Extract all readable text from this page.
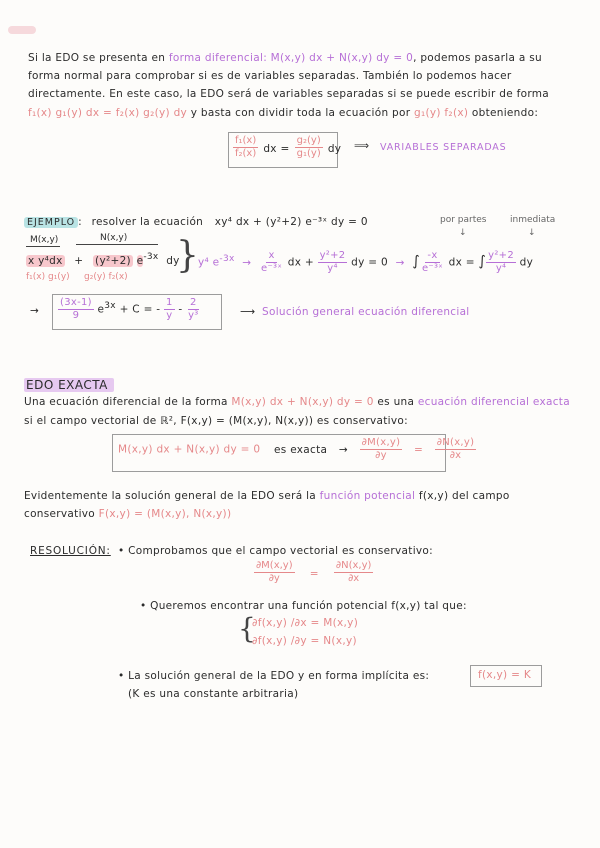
Si la EDO se presenta en forma diferencial: M(x,y) dx + N(x,y) dy = 0, podemos pasarla a su
forma normal para comprobar si es de variables separadas. También lo podemos hacer
directamente. En este caso, la EDO será de variables separadas si se puede escribir de forma
f₁(x) g₁(y) dx = f₂(x) g₂(y) dy y basta con dividir toda la ecuación por g₁(y) f₂(x) obteniendo:
$\frac{\text{f₁(x)}}{\text{f₂(x)}}$ dx = $\frac{\text{g₂(y)}}{\text{g₁(y)}}$ dy ⟹ VARIABLES SEPARADAS
EJEMPLO : resolver la ecuación xy⁴ dx + (y²+2) e⁻³ˣ dy = 0	por partes	inmediata
↓	↓
M(x,y)	N(x,y)
x y⁴dx + (y²+2) $e^{-3x}$ dy
f₁(x) g₁(y) g₂(y) f₂(x)
} y⁴ $e^{-3x} \to \frac{x}{\text{e⁻³ˣ}}$ dx + $\frac{\text{y²+2}}{\text{y⁴}}$ dy = 0 → ∫ $\frac{-x}{\text{e⁻³ˣ}}$ dx = ∫ $\frac{\text{y²+2}}{\text{y⁴}}$ dy
→ $\frac{(3x-1)}{9} e^{3x} + C$ = - $\frac{1}{y} - \frac{2}{\text{y³}}$	⟶ Solución general ecuación diferencial
EDO EXACTA
Una ecuación diferencial de la forma M(x,y) dx + N(x,y) dy = 0 es una ecuación diferencial exacta
si el campo vectorial de ℝ², F(x,y) = (M(x,y), N(x,y)) es conservativo:
M(x,y) dx + N(x,y) dy = 0 es exacta → $\frac{\partial M(x,y)}{\partial y} = \frac{\partial N(x,y)}{\partial x}$
Evidentemente la solución general de la EDO será la función potencial f(x,y) del campo
conservativo F(x,y) = (M(x,y), N(x,y))
RESOLUCIÓN: • Comprobamos que el campo vectorial es conservativo:
$\frac{\partial M(x,y)}{\partial y} = \frac{\partial N(x,y)}{\partial x}$
• Queremos encontrar una función potencial f(x,y) tal que:
{
∂f(x,y) /∂x = M(x,y)
∂f(x,y) /∂y = N(x,y)
• La solución general de la EDO y en forma implícita es:	f(x,y) = K
(K es una constante arbitraria)
